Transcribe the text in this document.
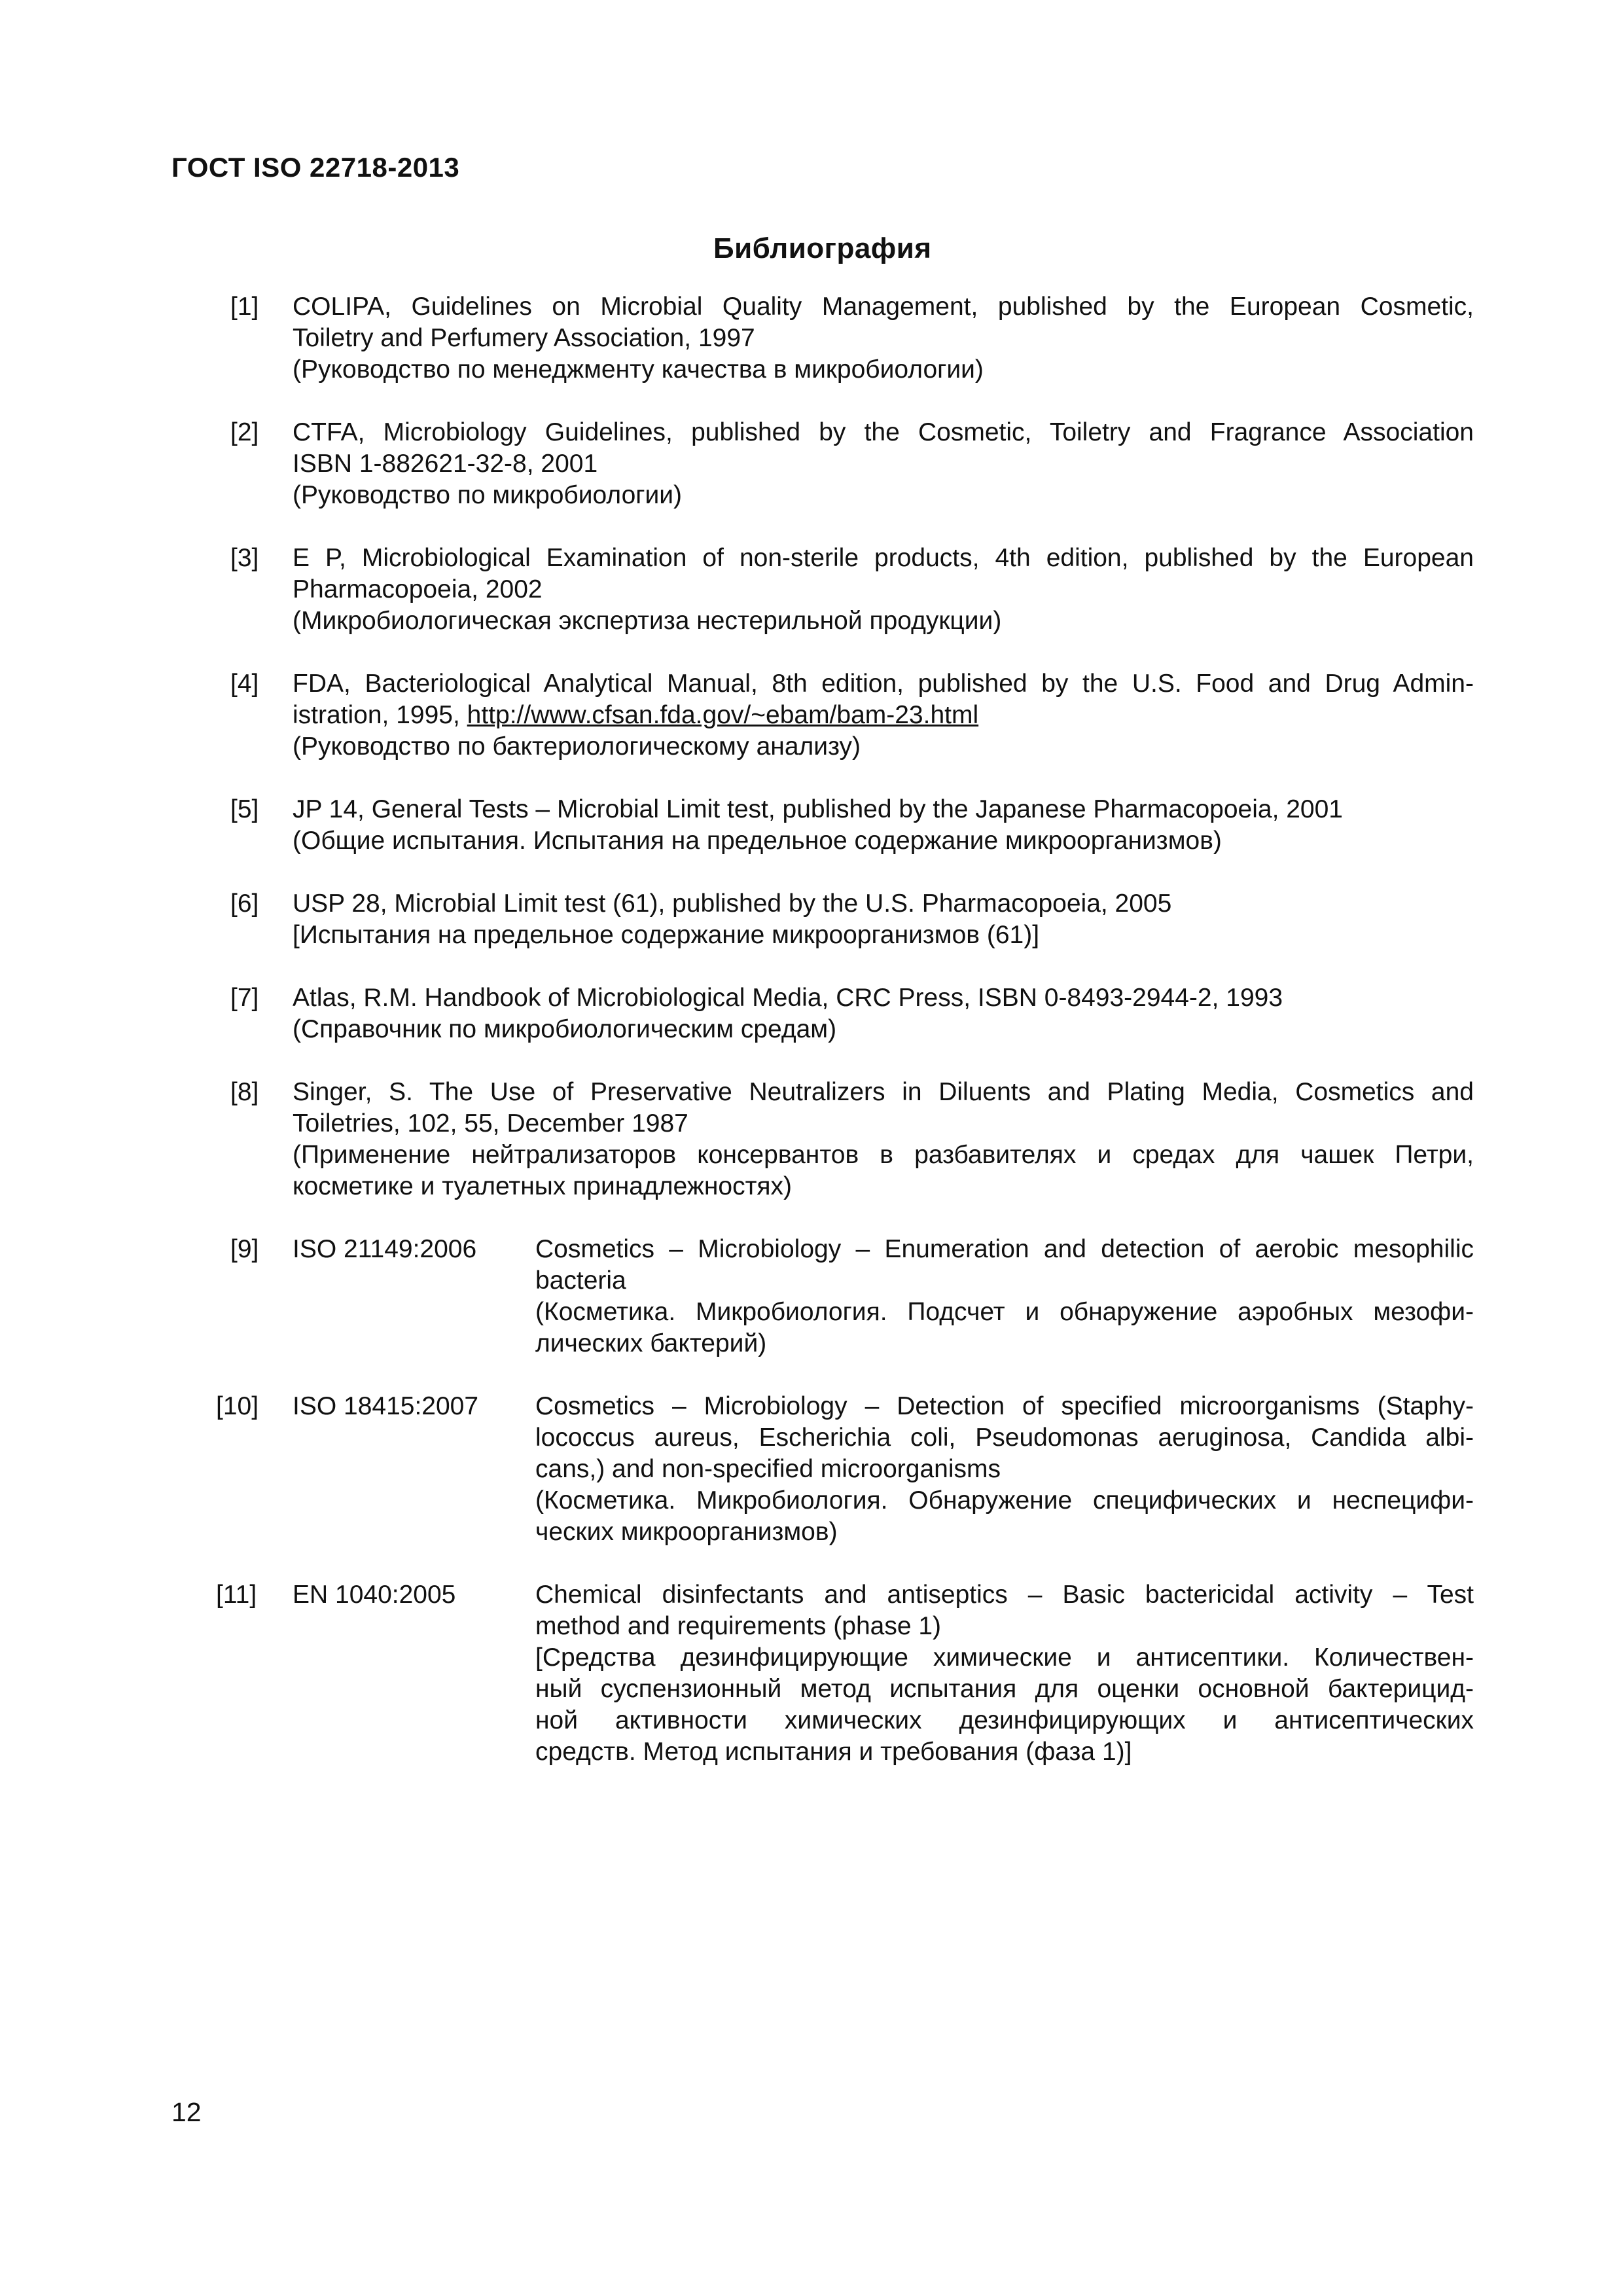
ГОСТ ISO 22718-2013
Библиография
[1] COLIPA, Guidelines on Microbial Quality Management, published by the European Cosmetic,
Toiletry and Perfumery Association, 1997
(Руководство по менеджменту качества в микробиологии)
[2] CTFA, Microbiology Guidelines, published by the Cosmetic, Toiletry and Fragrance Association
ISBN 1-882621-32-8, 2001
(Руководство по микробиологии)
[3] E P, Microbiological Examination of non-sterile products, 4th edition, published by the European
Pharmacopoeia, 2002
(Микробиологическая экспертиза нестерильной продукции)
[4] FDA, Bacteriological Analytical Manual, 8th edition, published by the U.S. Food and Drug Admin-
istration, 1995, http://www.cfsan.fda.gov/~ebam/bam-23.html
(Руководство по бактериологическому анализу)
[5] JP 14, General Tests – Microbial Limit test, published by the Japanese Pharmacopoeia, 2001
(Общие испытания. Испытания на предельное содержание микроорганизмов)
[6] USP 28, Microbial Limit test (61), published by the U.S. Pharmacopoeia, 2005
[Испытания на предельное содержание микроорганизмов (61)]
[7] Atlas, R.M. Handbook of Microbiological Media, CRC Press, ISBN 0-8493-2944-2, 1993
(Справочник по микробиологическим средам)
[8] Singer, S. The Use of Preservative Neutralizers in Diluents and Plating Media, Cosmetics and
Toiletries, 102, 55, December 1987
(Применение нейтрализаторов консервантов в разбавителях и средах для чашек Петри,
косметике и туалетных принадлежностях)
[9] ISO 21149:2006 Cosmetics – Microbiology – Enumeration and detection of aerobic mesophilic
bacteria
(Косметика. Микробиология. Подсчет и обнаружение аэробных мезофи-
лических бактерий)
[10] ISO 18415:2007 Cosmetics – Microbiology – Detection of specified microorganisms (Staphy-
lococcus aureus, Escherichia coli, Pseudomonas aeruginosa, Candida albi-
cans,) and non-specified microorganisms
(Косметика. Микробиология. Обнаружение специфических и неспецифи-
ческих микроорганизмов)
[11] EN 1040:2005	Chemical disinfectants and antiseptics – Basic bactericidal activity – Test
method and requirements (phase 1)
[Средства дезинфицирующие химические и антисептики. Количествен-
ный суспензионный метод испытания для оценки основной бактерицид-
ной активности химических дезинфицирующих и антисептических
средств. Метод испытания и требования (фаза 1)]
12
